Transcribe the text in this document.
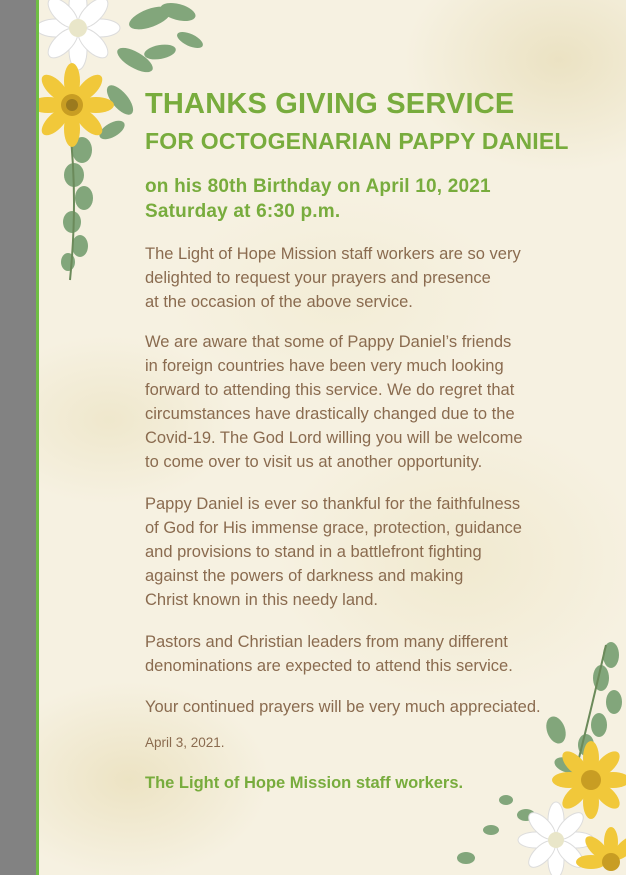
THANKS GIVING SERVICE
FOR OCTOGENARIAN PAPPY DANIEL
on his 80th Birthday on April 10, 2021
Saturday at 6:30 p.m.

The Light of Hope Mission staff workers are so very
delighted to request your prayers and presence
at the occasion of the above service.

We are aware that some of Pappy Daniel’s friends
in foreign countries have been very much looking
forward to attending this service. We do regret that
circumstances have drastically changed due to the
Covid-19. The God Lord willing you will be welcome
to come over to visit us at another opportunity.

Pappy Daniel is ever so thankful for the faithfulness
of God for His immense grace, protection, guidance
and provisions to stand in a battlefront fighting
against the powers of darkness and making
Christ known in this needy land.

Pastors and Christian leaders from many different
denominations are expected to attend this service.

Your continued prayers will be very much appreciated.

April 3, 2021.

The Light of Hope Mission staff workers.
